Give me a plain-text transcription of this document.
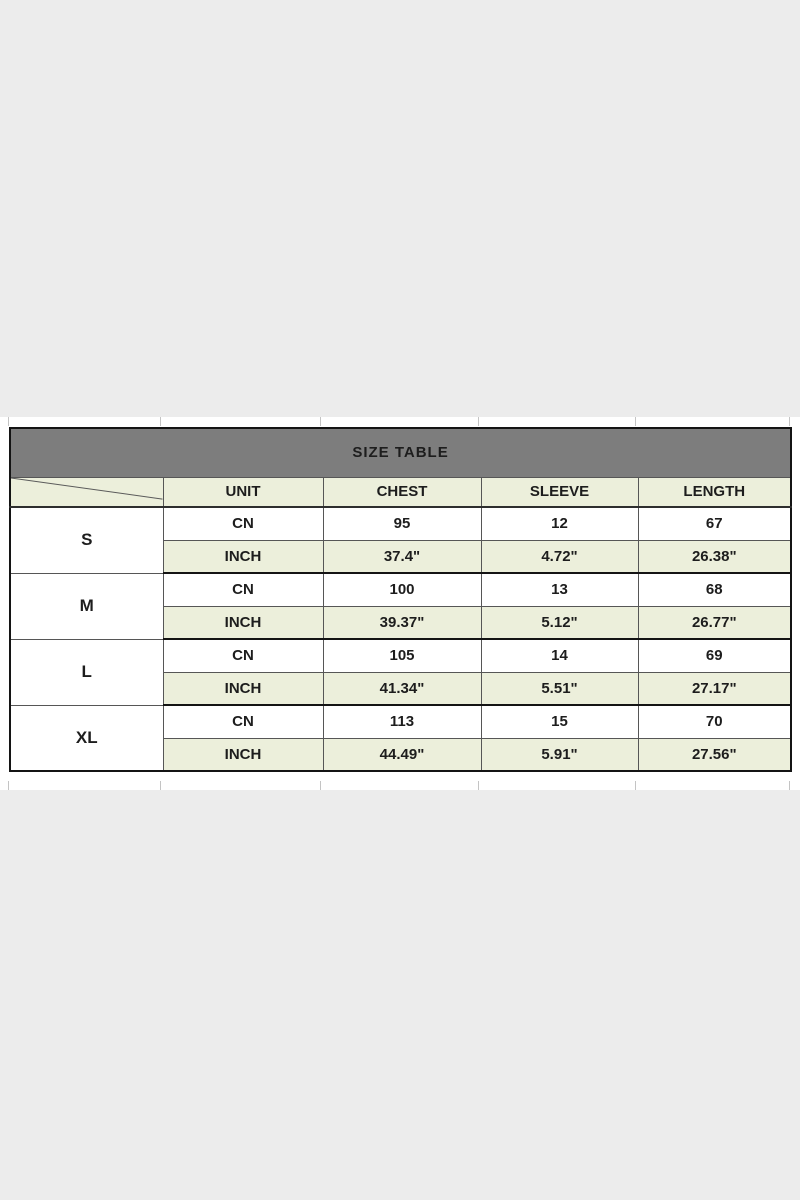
SIZE TABLE				

	UNIT	CHEST	SLEEVE	LENGTH
S	CN	95	12	67
	INCH	37.4"	4.72"	26.38"
M	CN	100	13	68
	INCH	39.37"	5.12"	26.77"
L	CN	105	14	69
	INCH	41.34"	5.51"	27.17"
XL	CN	113	15	70
	INCH	44.49"	5.91"	27.56"
